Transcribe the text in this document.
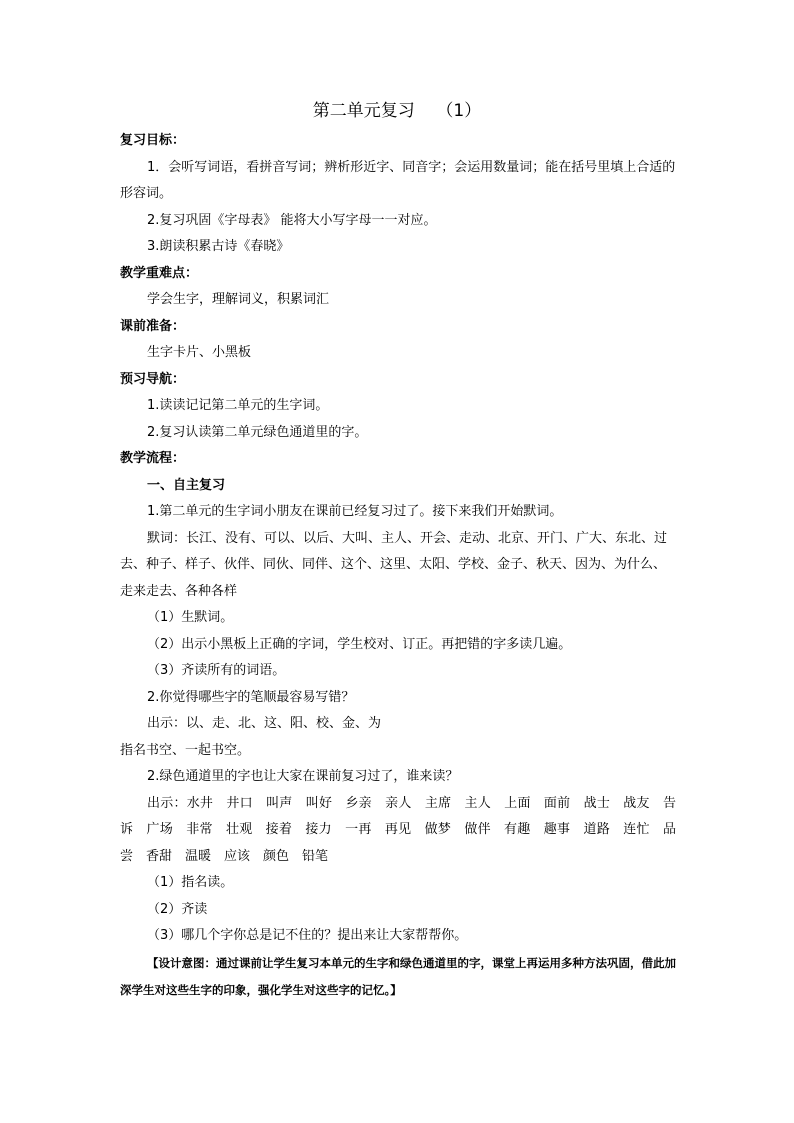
第二单元复习    （1）

复习目标：

1．会听写词语，看拼音写词；辨析形近字、同音字；会运用数量词；能在括号里填上合适的形容词。

2.复习巩固《字母表》 能将大小写字母一一对应。

3.朗读积累古诗《春晓》

教学重难点：

学会生字，理解词义，积累词汇

课前准备：

生字卡片、小黑板

预习导航：

1.读读记记第二单元的生字词。

2.复习认读第二单元绿色通道里的字。

教学流程：

一、自主复习

1.第二单元的生字词小朋友在课前已经复习过了。接下来我们开始默词。

默词：长江、没有、可以、以后、大叫、主人、开会、走动、北京、开门、广大、东北、过去、种子、样子、伙伴、同伙、同伴、这个、这里、太阳、学校、金子、秋天、因为、为什么、走来走去、各种各样

（1）生默词。

（2）出示小黑板上正确的字词，学生校对、订正。再把错的字多读几遍。

（3）齐读所有的词语。

2.你觉得哪些字的笔顺最容易写错？

出示：以、走、北、这、阳、校、金、为

指名书空、一起书空。

2.绿色通道里的字也让大家在课前复习过了，谁来读？

出示：水井　井口　叫声　叫好　乡亲　亲人　主席　主人　上面　面前　战士　战友　告诉　广场　非常　壮观　接着　接力　一再　再见　做梦　做伴　有趣　趣事　道路　连忙　品尝　香甜　温暖　应该　颜色　铅笔

（1）指名读。

（2）齐读

（3）哪几个字你总是记不住的？提出来让大家帮帮你。

【设计意图：通过课前让学生复习本单元的生字和绿色通道里的字，课堂上再运用多种方法巩固，借此加深学生对这些生字的印象，强化学生对这些字的记忆。】
